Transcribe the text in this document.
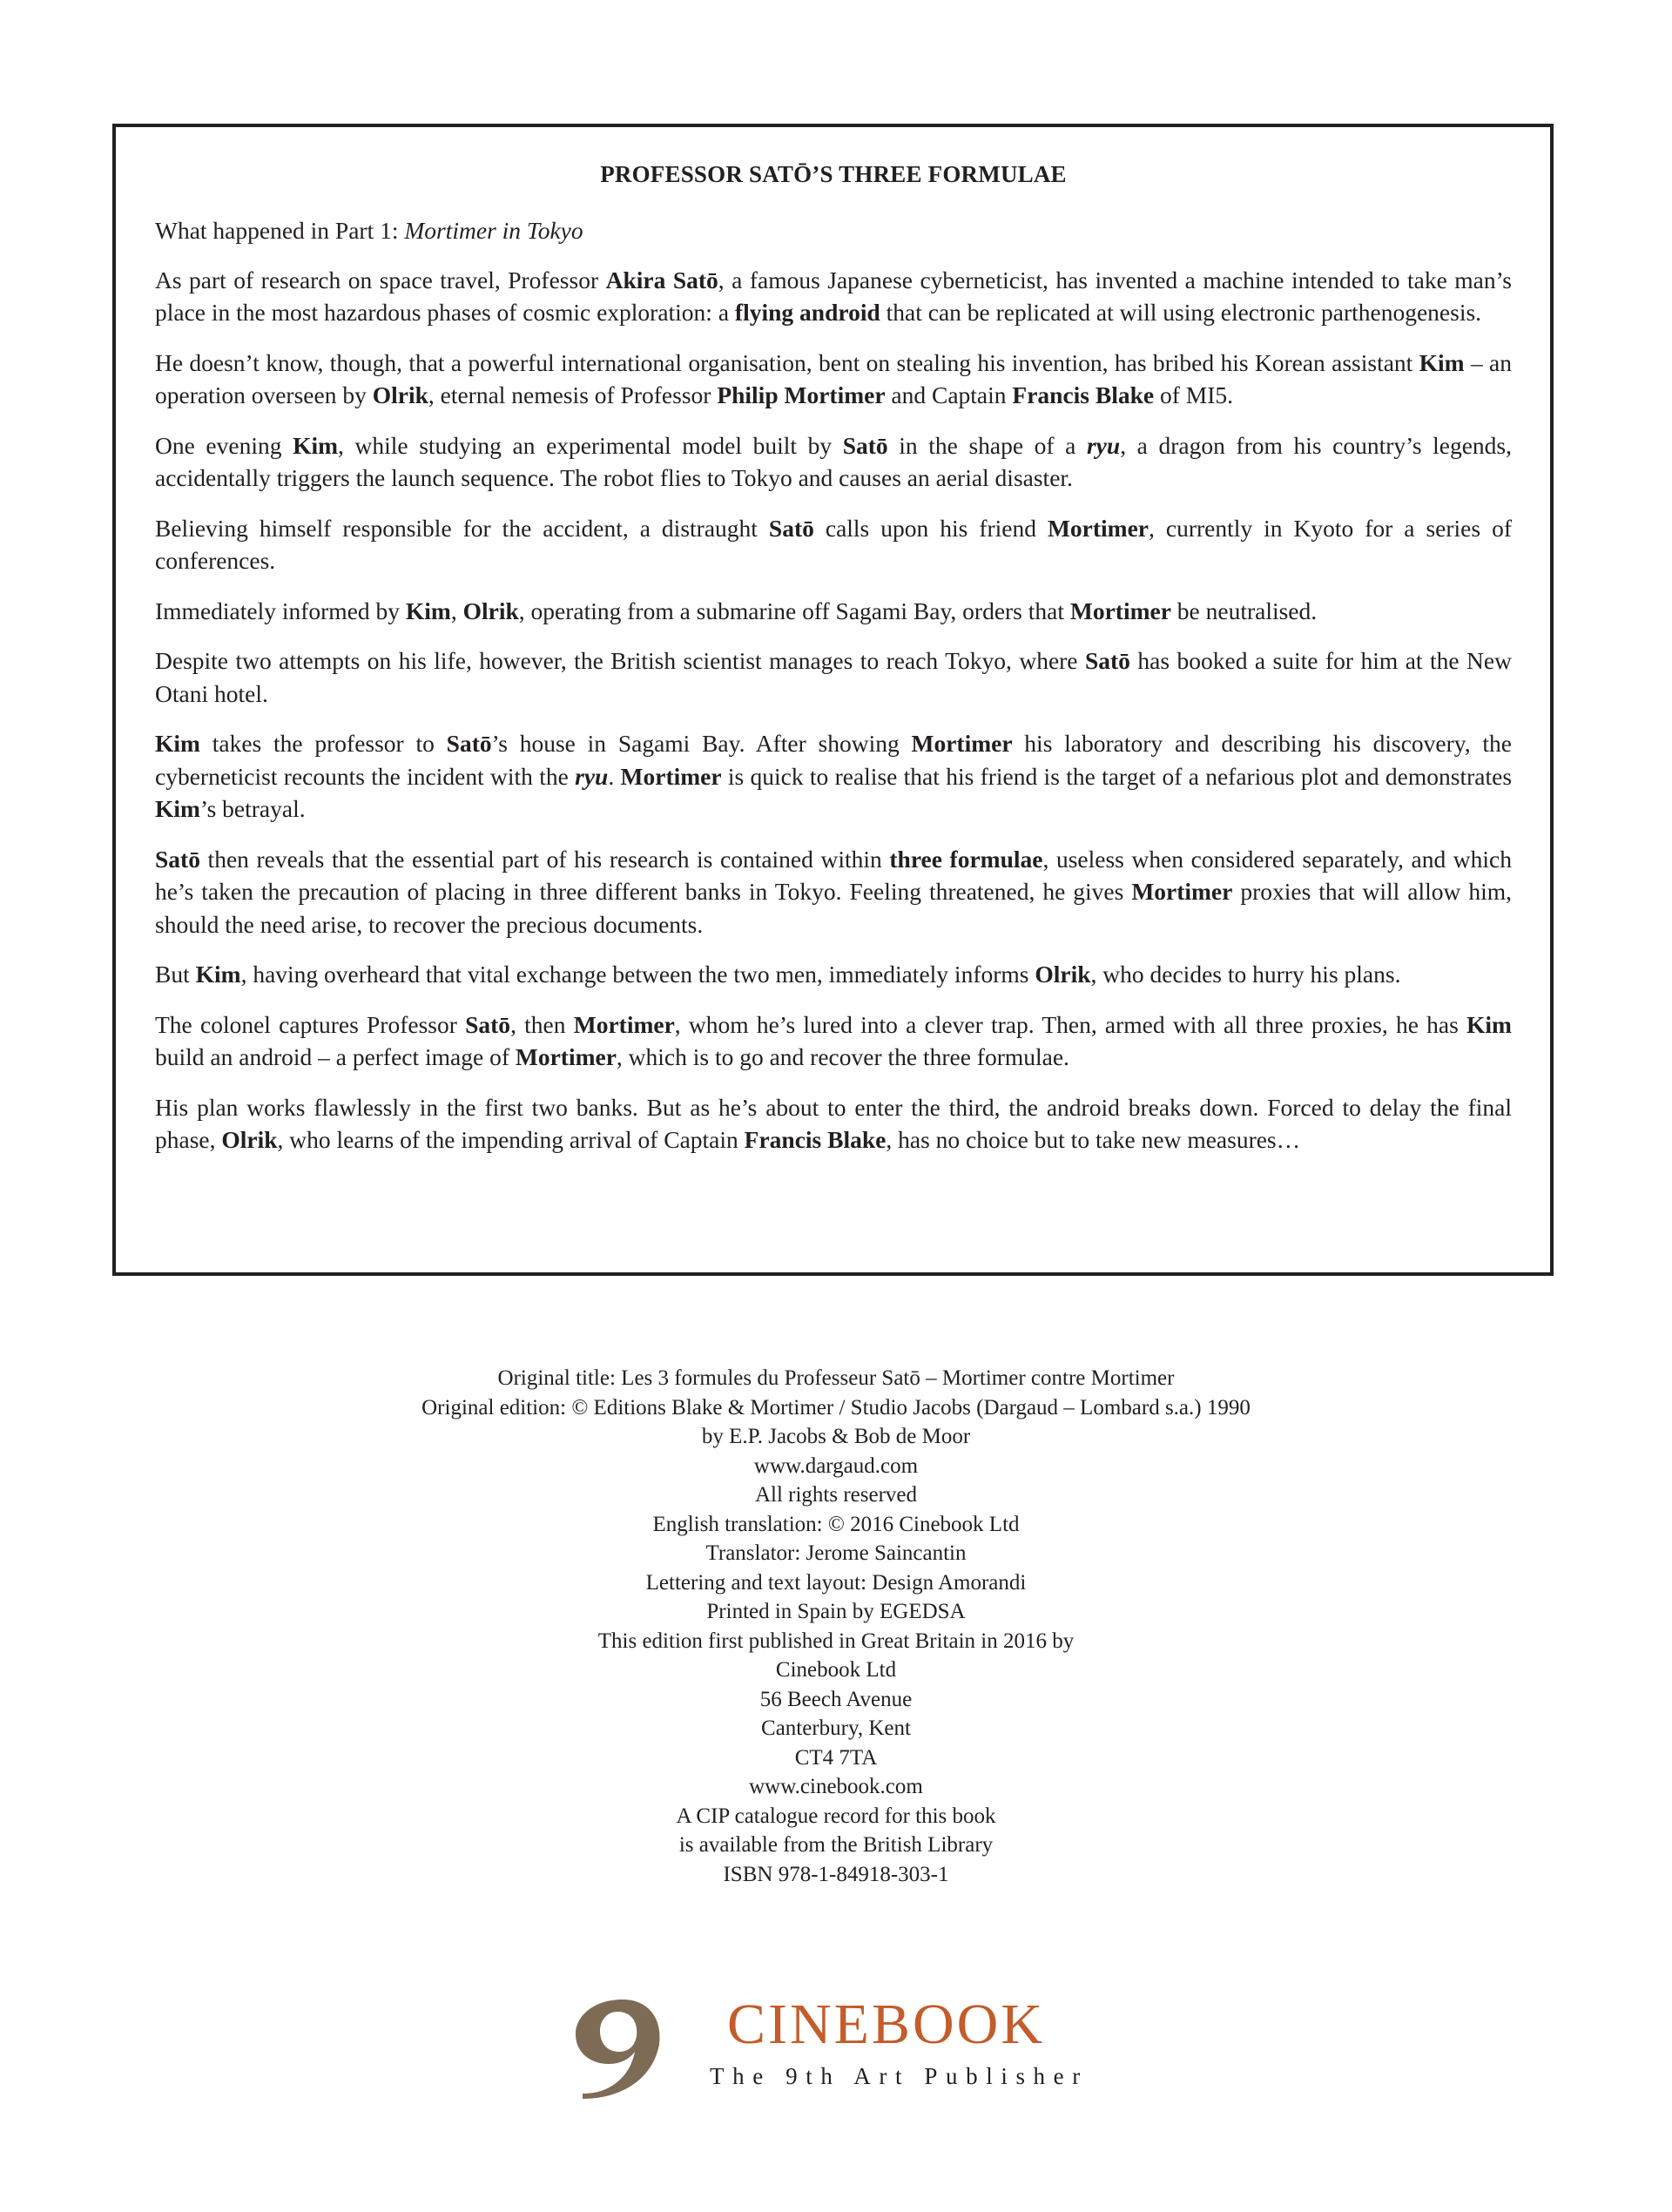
PROFESSOR SATŌ’S THREE FORMULAE

What happened in Part 1: Mortimer in Tokyo

As part of research on space travel, Professor Akira Satō, a famous Japanese cyberneticist, has invented a machine intended to take man’s place in the most hazardous phases of cosmic exploration: a flying android that can be replicated at will using electronic parthenogenesis.

He doesn’t know, though, that a powerful international organisation, bent on stealing his invention, has bribed his Korean assistant Kim – an operation overseen by Olrik, eternal nemesis of Professor Philip Mortimer and Captain Francis Blake of MI5.

One evening Kim, while studying an experimental model built by Satō in the shape of a ryu, a dragon from his country’s legends, accidentally triggers the launch sequence. The robot flies to Tokyo and causes an aerial disaster.

Believing himself responsible for the accident, a distraught Satō calls upon his friend Mortimer, currently in Kyoto for a series of conferences.

Immediately informed by Kim, Olrik, operating from a submarine off Sagami Bay, orders that Mortimer be neutralised.

Despite two attempts on his life, however, the British scientist manages to reach Tokyo, where Satō has booked a suite for him at the New Otani hotel.

Kim takes the professor to Satō’s house in Sagami Bay. After showing Mortimer his laboratory and describing his discovery, the cyberneticist recounts the incident with the ryu. Mortimer is quick to realise that his friend is the target of a nefarious plot and demonstrates Kim’s betrayal.

Satō then reveals that the essential part of his research is contained within three formulae, useless when considered separately, and which he’s taken the precaution of placing in three different banks in Tokyo. Feeling threatened, he gives Mortimer proxies that will allow him, should the need arise, to recover the precious documents.

But Kim, having overheard that vital exchange between the two men, immediately informs Olrik, who decides to hurry his plans.

The colonel captures Professor Satō, then Mortimer, whom he’s lured into a clever trap. Then, armed with all three proxies, he has Kim build an android – a perfect image of Mortimer, which is to go and recover the three formulae.

His plan works flawlessly in the first two banks. But as he’s about to enter the third, the android breaks down. Forced to delay the final phase, Olrik, who learns of the impending arrival of Captain Francis Blake, has no choice but to take new measures…

Original title: Les 3 formules du Professeur Satō – Mortimer contre Mortimer
Original edition: © Editions Blake & Mortimer / Studio Jacobs (Dargaud – Lombard s.a.) 1990
by E.P. Jacobs & Bob de Moor
www.dargaud.com
All rights reserved
English translation: © 2016 Cinebook Ltd
Translator: Jerome Saincantin
Lettering and text layout: Design Amorandi
Printed in Spain by EGEDSA
This edition first published in Great Britain in 2016 by
Cinebook Ltd
56 Beech Avenue
Canterbury, Kent
CT4 7TA
www.cinebook.com
A CIP catalogue record for this book
is available from the British Library
ISBN 978-1-84918-303-1
9th CINEBOOK
The 9th Art Publisher
